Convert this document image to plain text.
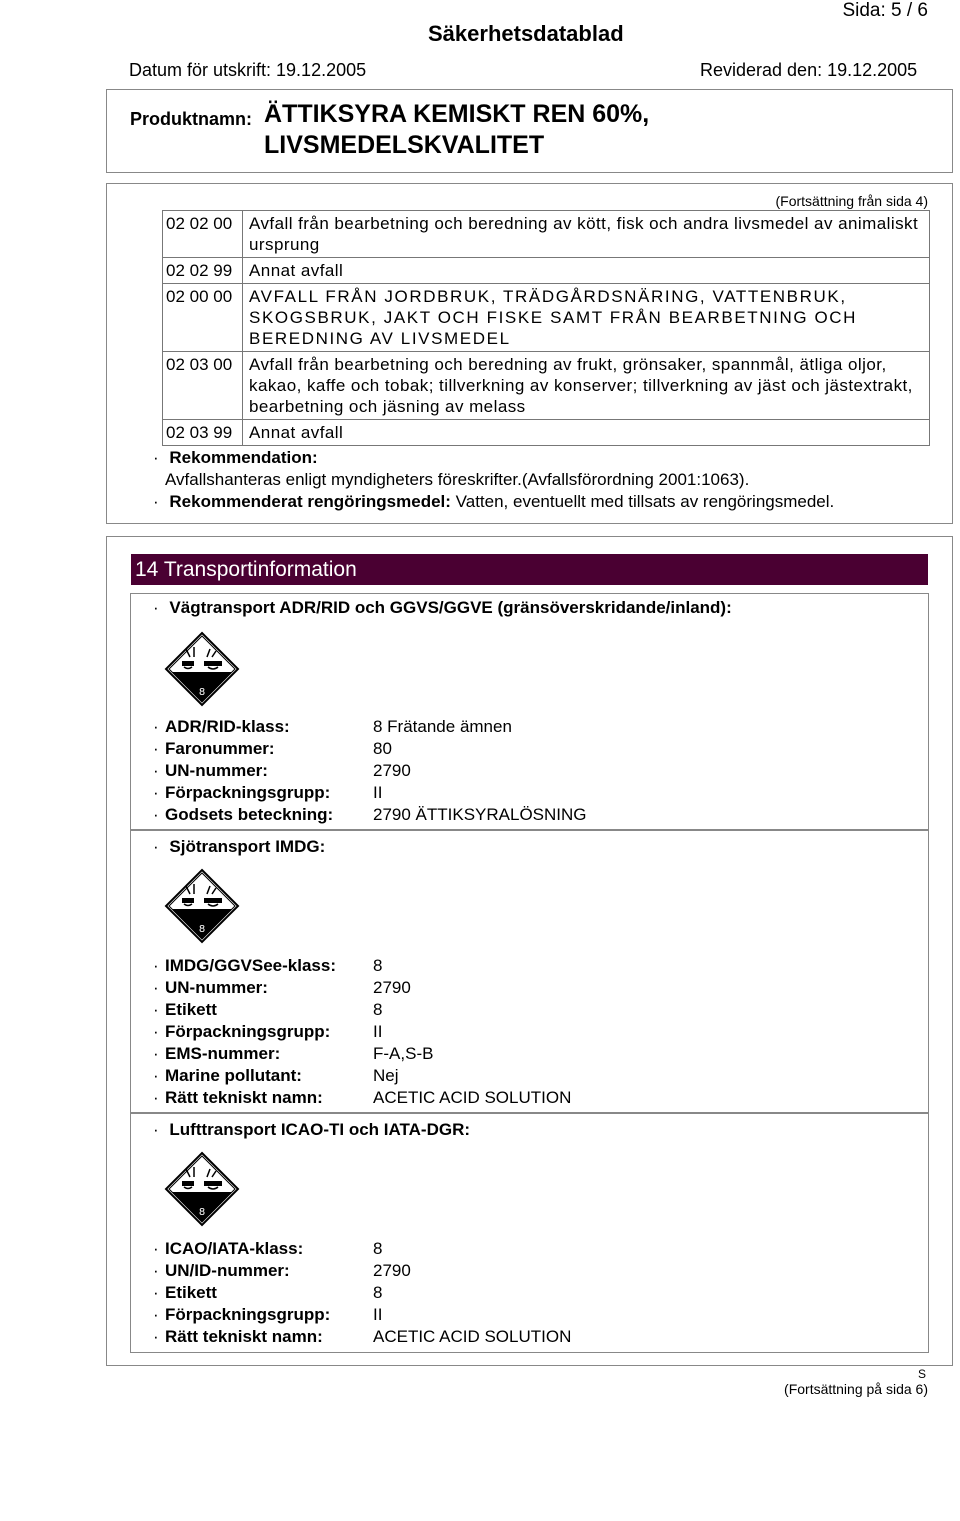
Sida: 5 / 6
Säkerhetsdatablad
Datum för utskrift: 19.12.2005	Reviderad den: 19.12.2005
Produktnamn: ÄTTIKSYRA KEMISKT REN 60%,
LIVSMEDELSKVALITET
(Fortsättning från sida 4)
02 02 00 Avfall från bearbetning och beredning av kött, fisk och andra livsmedel av animaliskt ursprung
02 02 99 Annat avfall
02 00 00 AVFALL FRÅN JORDBRUK, TRÄDGÅRDSNÄRING, VATTENBRUK, SKOGSBRUK, JAKT OCH FISKE SAMT FRÅN BEARBETNING OCH BEREDNING AV LIVSMEDEL
02 03 00 Avfall från bearbetning och beredning av frukt, grönsaker, spannmål, ätliga oljor, kakao, kaffe och tobak; tillverkning av konserver; tillverkning av jäst och jästextrakt, bearbetning och jäsning av melass
02 03 99 Annat avfall
· Rekommendation:
Avfallshanteras enligt myndigheters föreskrifter.(Avfallsförordning 2001:1063).
· Rekommenderat rengöringsmedel: Vatten, eventuellt med tillsats av rengöringsmedel.
14 Transportinformation
· Vägtransport ADR/RID och GGVS/GGVE (gränsöverskridande/inland):
8
· ADR/RID-klass:	8 Frätande ämnen
· Faronummer:	80
· UN-nummer:	2790
· Förpackningsgrupp:	II
· Godsets beteckning: 2790 ÄTTIKSYRALÖSNING
· Sjötransport IMDG:
8
· IMDG/GGVSee-klass: 8
· UN-nummer:	2790
· Etikett	8
· Förpackningsgrupp:	II
· EMS-nummer:	F-A,S-B
· Marine pollutant:	Nej
· Rätt tekniskt namn:	ACETIC ACID SOLUTION
· Lufttransport ICAO-TI och IATA-DGR:
8
· ICAO/IATA-klass:	8
· UN/ID-nummer:	2790
· Etikett	8
· Förpackningsgrupp:	II
· Rätt tekniskt namn:	ACETIC ACID SOLUTION
S
(Fortsättning på sida 6)
